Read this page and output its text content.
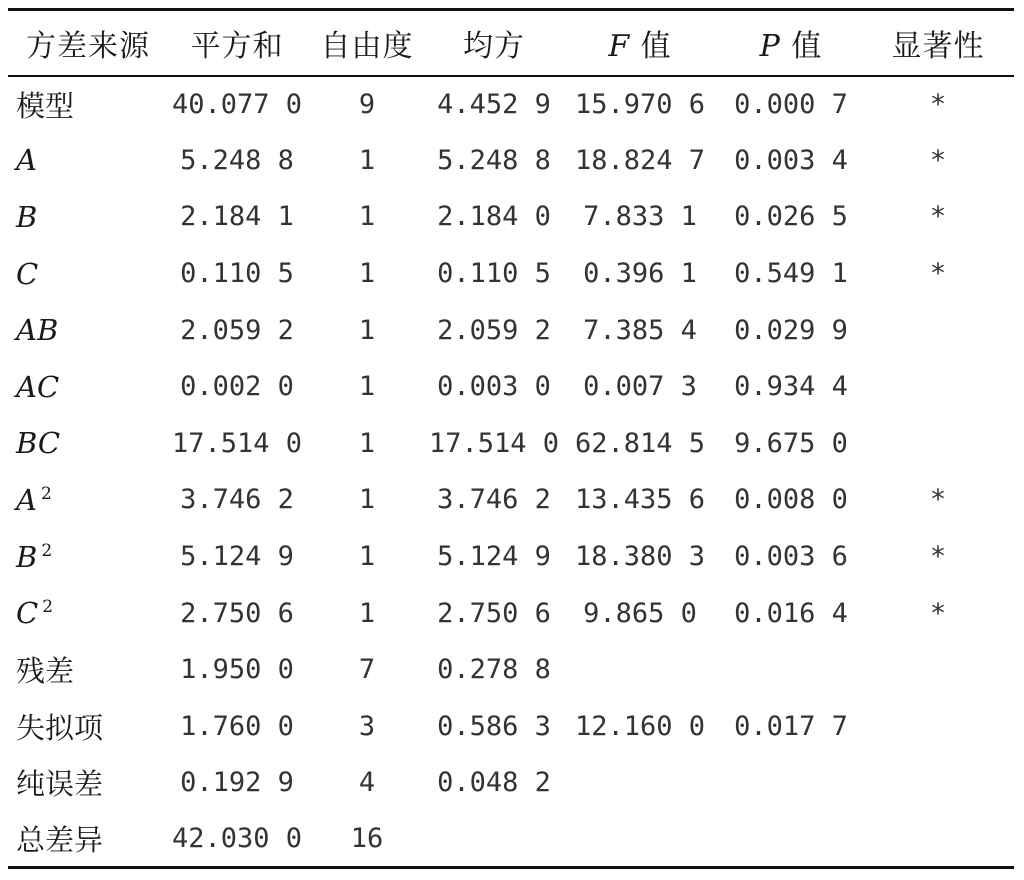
方差来源	平方和	自由度	均方	F 值	P 值	显著性
模型	40.077 0	9	4.452 9	15.970 6	0.000 7	*
A	5.248 8	1	5.248 8	18.824 7	0.003 4	*
B	2.184 1	1	2.184 0	7.833 1	0.026 5	*
C	0.110 5	1	0.110 5	0.396 1	0.549 1	*
AB	2.059 2	1	2.059 2	7.385 4	0.029 9	
AC	0.002 0	1	0.003 0	0.007 3	0.934 4	
BC	17.514 0	1	17.514 0	62.814 5	9.675 0	
A $^2$	3.746 2	1	3.746 2	13.435 6	0.008 0	*
B $^2$	5.124 9	1	5.124 9	18.380 3	0.003 6	*
C $^2$	2.750 6	1	2.750 6	9.865 0	0.016 4	*
残差	1.950 0	7	0.278 8			
失拟项	1.760 0	3	0.586 3	12.160 0	0.017 7	
纯误差	0.192 9	4	0.048 2			
总差异	42.030 0	16				
